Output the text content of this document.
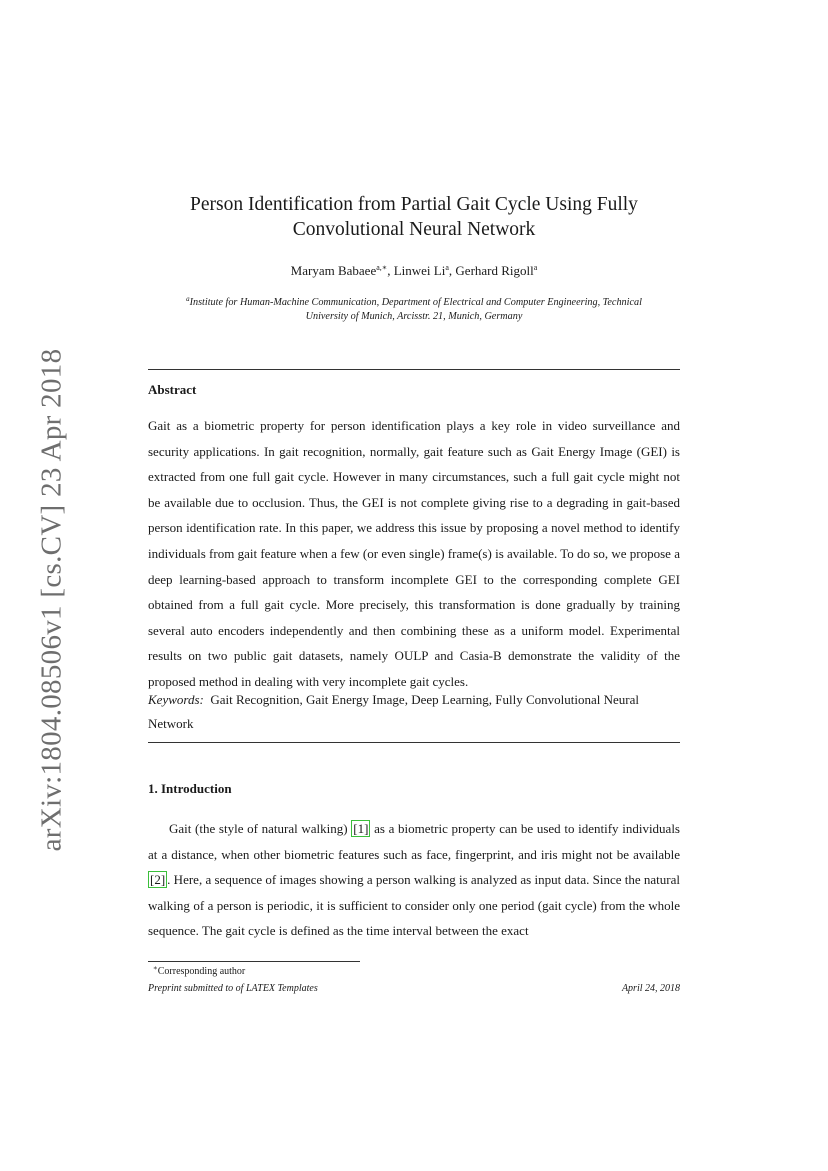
arXiv:1804.08506v1 [cs.CV] 23 Apr 2018
Person Identification from Partial Gait Cycle Using Fully
Convolutional Neural Network
Maryam Babaee$^{a,∗}$, Linwei Li$^a$, Gerhard Rigoll$^a$
$^a$Institute for Human-Machine Communication, Department of Electrical and Computer Engineering, Technical
University of Munich, Arcisstr. 21, Munich, Germany
Abstract

Gait as a biometric property for person identification plays a key role in video surveillance and security applications. In gait recognition, normally, gait feature such as Gait Energy Image (GEI) is extracted from one full gait cycle. However in many circumstances, such a full gait cycle might not be available due to occlusion. Thus, the GEI is not complete giving rise to a degrading in gait-based person identification rate. In this paper, we address this issue by proposing a novel method to identify individuals from gait feature when a few (or even single) frame(s) is available. To do so, we propose a deep learning-based approach to transform incomplete GEI to the corresponding complete GEI obtained from a full gait cycle. More precisely, this transformation is done gradually by training several auto encoders independently and then combining these as a uniform model. Experimental results on two public gait datasets, namely OULP and Casia-B demonstrate the validity of the proposed method in dealing with very incomplete gait cycles.

Keywords: Gait Recognition, Gait Energy Image, Deep Learning, Fully Convolutional Neural Network

1. Introduction

Gait (the style of natural walking) [1] as a biometric property can be used to identify individuals at a distance, when other biometric features such as face, fingerprint, and iris might not be available [2] . Here, a sequence of images showing a person walking is analyzed as input data. Since the natural walking of a person is periodic, it is sufficient to consider only one period (gait cycle) from the whole sequence. The gait cycle is defined as the time interval between the exact

∗Corresponding author
Preprint submitted to of LATEX Templates	April 24, 2018
